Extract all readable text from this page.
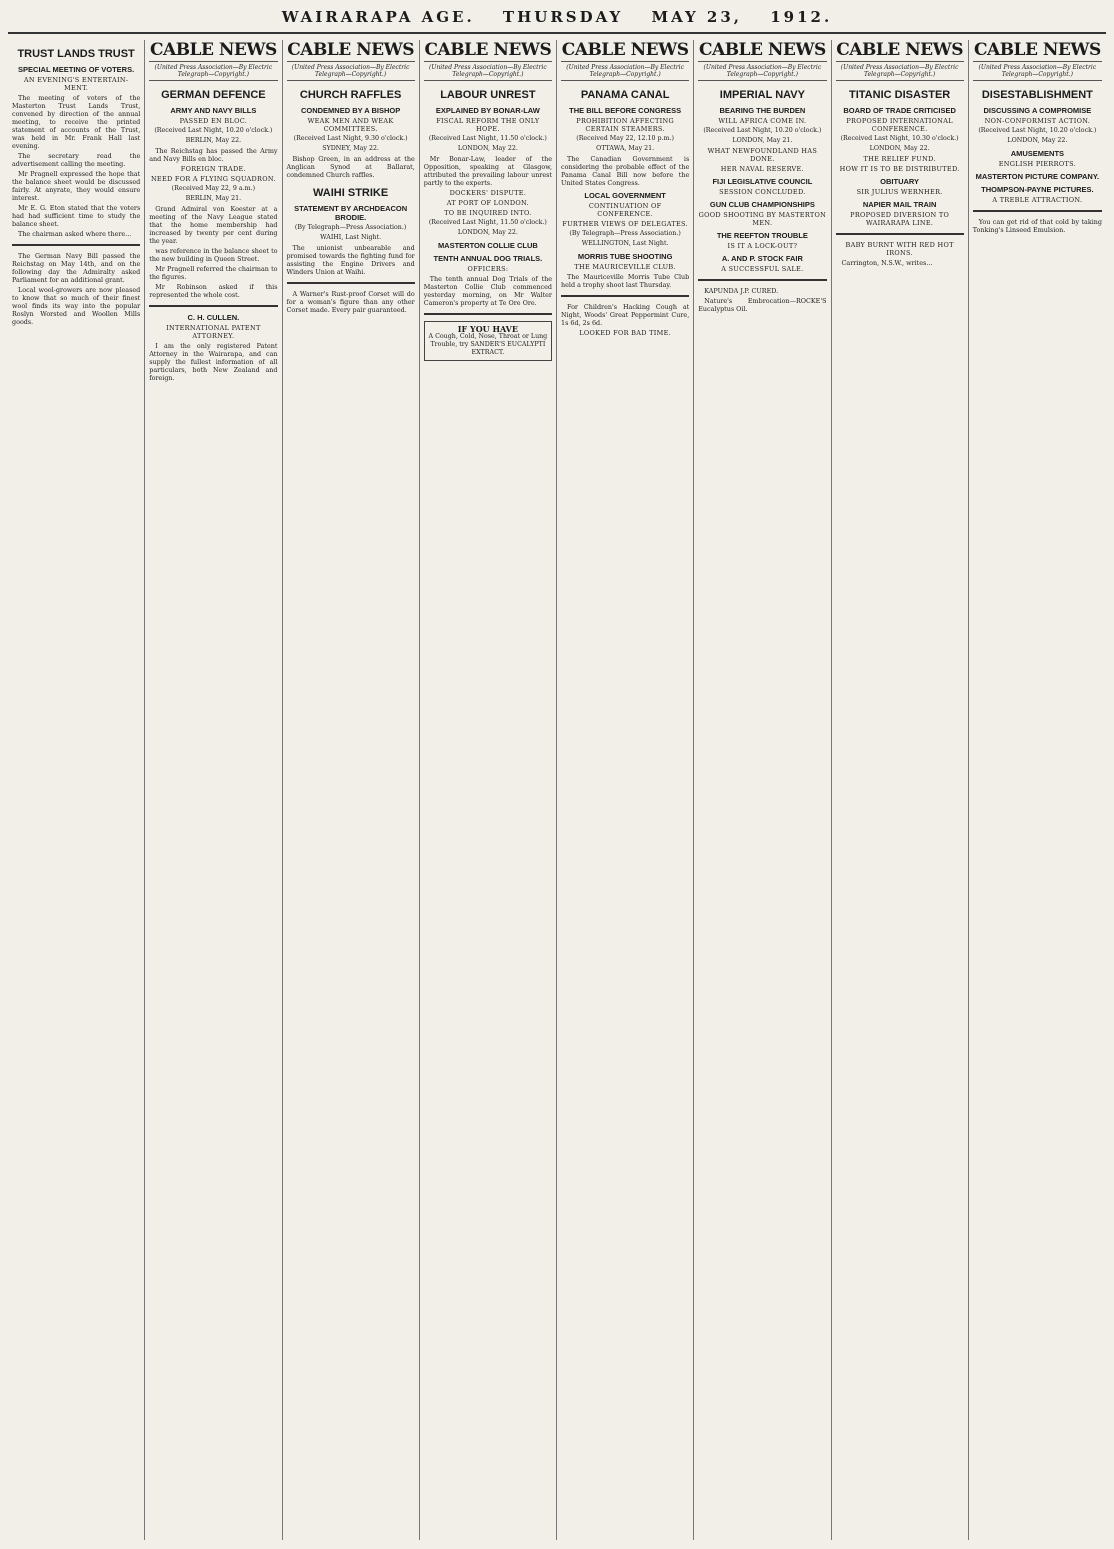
WAIRARAPA AGE. THURSDAY MAY 23, 1912.
TRUST LANDS TRUST
SPECIAL MEETING OF VOTERS.
AN EVENING'S ENTERTAIN-MENT.

The meeting of voters of the Masterton Trust Lands Trust, convened by direction of the annual meeting, to receive the printed statement of accounts of the Trust, was held in Mr. Frank Hall last evening.

The secretary read the advertisement calling the meeting.

Mr Pragnell expressed the hope that the balance sheet would be discussed fairly. At anyrate, they would ensure interest.

Mr E. G. Eton stated that the voters had had sufficient time to study the balance sheet.

The chairman asked where there...

The German Navy Bill passed the Reichstag on May 14th, and on the following day the Admiralty asked Parliament for an additional grant.

Local wool-growers are now pleased to know that so much of their finest wool finds its way into the popular Roslyn Worsted and Woollen Mills goods.

CABLE NEWS
(United Press Association—By Electric Telegraph—Copyright.)
GERMAN DEFENCE
ARMY AND NAVY BILLS
PASSED EN BLOC.
(Received Last Night, 10.20 o'clock.)
BERLIN, May 22.

The Reichstag has passed the Army and Navy Bills en bloc.

FOREIGN TRADE.
NEED FOR A FLYING SQUADRON.
(Received May 22, 9 a.m.)
BERLIN, May 21.

Grand Admiral von Koester at a meeting of the Navy League stated that the home membership had increased by twenty per cent during the year.

was reference in the balance sheet to the new building in Queen Street.

Mr Pragnell referred the chairman to the figures.

Mr Robinson asked if this represented the whole cost.

C. H. CULLEN.
INTERNATIONAL PATENT ATTORNEY.

I am the only registered Patent Attorney in the Wairarapa, and can supply the fullest information of all particulars, both New Zealand and foreign.

CABLE NEWS
(United Press Association—By Electric Telegraph—Copyright.)
CHURCH RAFFLES
CONDEMNED BY A BISHOP
WEAK MEN AND WEAK COMMITTEES.
(Received Last Night, 9.30 o'clock.)
SYDNEY, May 22.

Bishop Green, in an address at the Anglican Synod at Ballarat, condemned Church raffles.

WAIHI STRIKE
STATEMENT BY ARCHDEACON BRODIE.
(By Telegraph—Press Association.)
WAIHI, Last Night.

The unionist unbearable and promised towards the fighting fund for assisting the Engine Drivers and Winders Union at Waihi.

A Warner's Rust-proof Corset will do for a woman's figure than any other Corset made. Every pair guaranteed.

CABLE NEWS
(United Press Association—By Electric Telegraph—Copyright.)
LABOUR UNREST
EXPLAINED BY BONAR-LAW
FISCAL REFORM THE ONLY HOPE.
(Received Last Night, 11.50 o'clock.)
LONDON, May 22.

Mr Bonar-Law, leader of the Opposition, speaking at Glasgow, attributed the prevailing labour unrest partly to the experts.

DOCKERS' DISPUTE.
AT PORT OF LONDON.
TO BE INQUIRED INTO.
(Received Last Night, 11.50 o'clock.)
LONDON, May 22.
MASTERTON COLLIE CLUB
TENTH ANNUAL DOG TRIALS.
OFFICERS:

The tenth annual Dog Trials of the Masterton Collie Club commenced yesterday morning, on Mr Walter Cameron's property at Te Ore Ore.

IF YOU HAVE
A Cough, Cold, Nose, Throat or Lung Trouble, try SANDER'S EUCALYPTI EXTRACT.
CABLE NEWS
(United Press Association—By Electric Telegraph—Copyright.)
PANAMA CANAL
THE BILL BEFORE CONGRESS
PROHIBITION AFFECTING CERTAIN STEAMERS.
(Received May 22, 12.10 p.m.)
OTTAWA, May 21.

The Canadian Government is considering the probable effect of the Panama Canal Bill now before the United States Congress.

LOCAL GOVERNMENT
CONTINUATION OF CONFERENCE.
FURTHER VIEWS OF DELEGATES.
(By Telegraph—Press Association.)
WELLINGTON, Last Night.
MORRIS TUBE SHOOTING
THE MAURICEVILLE CLUB.

The Mauriceville Morris Tube Club held a trophy shoot last Thursday.

For Children's Hacking Cough at Night, Woods' Great Peppermint Cure, 1s 6d, 2s 6d.

LOOKED FOR BAD TIME.
CABLE NEWS
(United Press Association—By Electric Telegraph—Copyright.)
IMPERIAL NAVY
BEARING THE BURDEN
WILL AFRICA COME IN.
(Received Last Night, 10.20 o'clock.)
LONDON, May 21.
WHAT NEWFOUNDLAND HAS DONE.
HER NAVAL RESERVE.
FIJI LEGISLATIVE COUNCIL
SESSION CONCLUDED.
GUN CLUB CHAMPIONSHIPS
GOOD SHOOTING BY MASTERTON MEN.
THE REEFTON TROUBLE
IS IT A LOCK-OUT?
A. AND P. STOCK FAIR
A SUCCESSFUL SALE.

KAPUNDA J.P. CURED.

Nature's Embrocation—ROCKE'S Eucalyptus Oil.

CABLE NEWS
(United Press Association—By Electric Telegraph—Copyright.)
TITANIC DISASTER
BOARD OF TRADE CRITICISED
PROPOSED INTERNATIONAL CONFERENCE.
(Received Last Night, 10.30 o'clock.)
LONDON, May 22.
THE RELIEF FUND.
HOW IT IS TO BE DISTRIBUTED.
OBITUARY
SIR JULIUS WERNHER.
NAPIER MAIL TRAIN
PROPOSED DIVERSION TO WAIRARAPA LINE.
BABY BURNT WITH RED HOT IRONS.

Carrington, N.S.W., writes...

CABLE NEWS
(United Press Association—By Electric Telegraph—Copyright.)
DISESTABLISHMENT
DISCUSSING A COMPROMISE
NON-CONFORMIST ACTION.
(Received Last Night, 10.20 o'clock.)
LONDON, May 22.
AMUSEMENTS
ENGLISH PIERROTS.
MASTERTON PICTURE COMPANY.
THOMPSON-PAYNE PICTURES.
A TREBLE ATTRACTION.

You can get rid of that cold by taking Tonking's Linseed Emulsion.
